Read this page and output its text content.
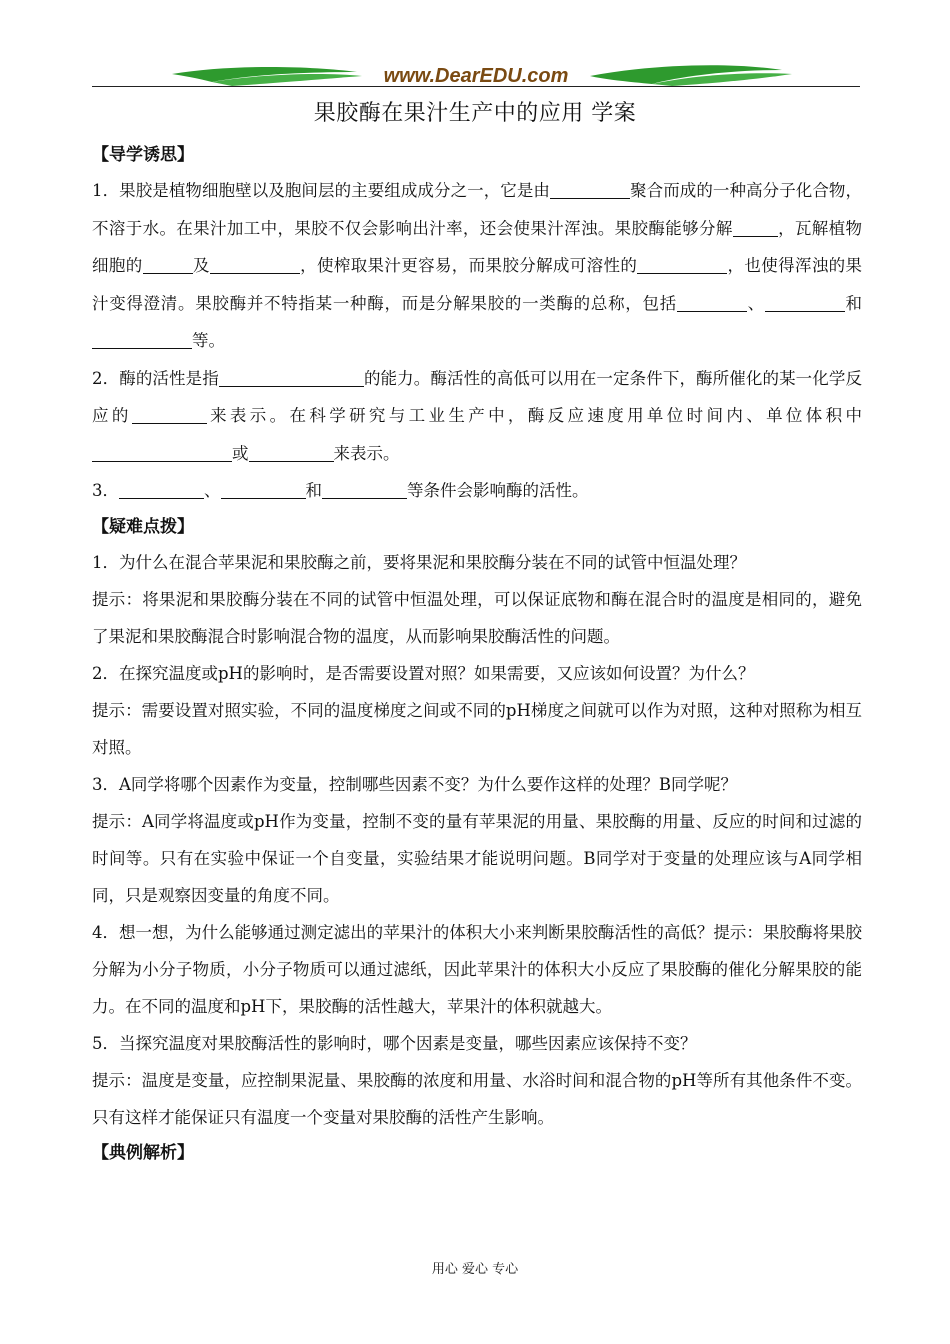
www.DearEDU.com
果胶酶在果汁生产中的应用 学案
【导学诱思】
1．果胶是植物细胞壁以及胞间层的主要组成成分之一，它是由	聚合而成的一种高分子化合物，不溶于水。在果汁加工中，果胶不仅会影响出汁率，还会使果汁浑浊。果胶酶能够分解	，瓦解植物细胞的	及	，使榨取果汁更容易，而果胶分解成可溶性的	，也使得浑浊的果汁变得澄清。果胶酶并不特指某一种酶，而是分解果胶的一类酶的总称，包括	、	和等。
2．酶的活性是指	的能力。酶活性的高低可以用在一定条件下，酶所催化的某一化学反应的	来表示。在科学研究与工业生产中，酶反应速度用单位时间内、单位体积中或	来表示。
3．	、	和	等条件会影响酶的活性。
【疑难点拨】
1．为什么在混合苹果泥和果胶酶之前，要将果泥和果胶酶分装在不同的试管中恒温处理？
提示：将果泥和果胶酶分装在不同的试管中恒温处理，可以保证底物和酶在混合时的温度是相同的，避免了果泥和果胶酶混合时影响混合物的温度，从而影响果胶酶活性的问题。
2．在探究温度或pH的影响时，是否需要设置对照？如果需要，又应该如何设置？为什么？
提示：需要设置对照实验，不同的温度梯度之间或不同的pH梯度之间就可以作为对照，这种对照称为相互对照。
3．A同学将哪个因素作为变量，控制哪些因素不变？为什么要作这样的处理？B同学呢？
提示：A同学将温度或pH作为变量，控制不变的量有苹果泥的用量、果胶酶的用量、反应的时间和过滤的时间等。只有在实验中保证一个自变量，实验结果才能说明问题。B同学对于变量的处理应该与A同学相同，只是观察因变量的角度不同。
4．想一想，为什么能够通过测定滤出的苹果汁的体积大小来判断果胶酶活性的高低？提示：果胶酶将果胶分解为小分子物质，小分子物质可以通过滤纸，因此苹果汁的体积大小反应了果胶酶的催化分解果胶的能力。在不同的温度和pH下，果胶酶的活性越大，苹果汁的体积就越大。
5．当探究温度对果胶酶活性的影响时，哪个因素是变量，哪些因素应该保持不变？
提示：温度是变量，应控制果泥量、果胶酶的浓度和用量、水浴时间和混合物的pH等所有其他条件不变。只有这样才能保证只有温度一个变量对果胶酶的活性产生影响。
【典例解析】
用心 爱心 专心
